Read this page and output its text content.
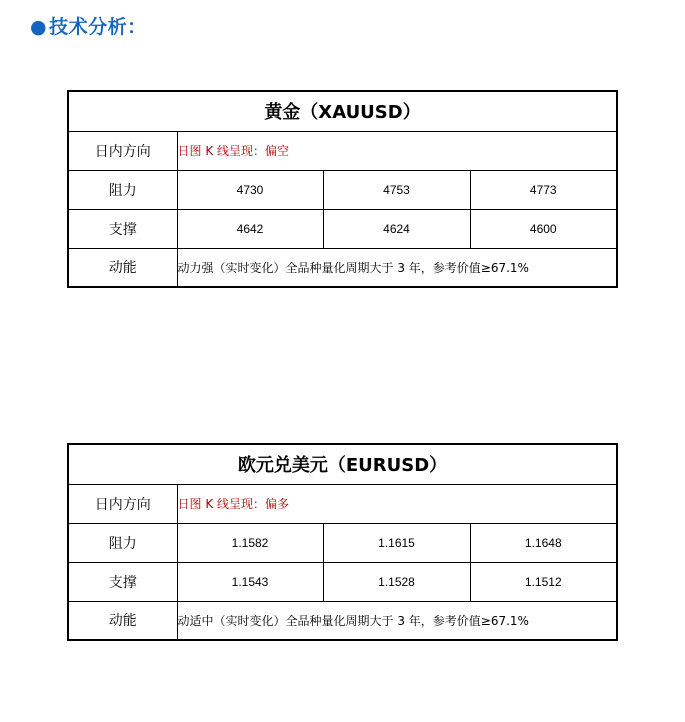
● 技术分析：
黄金（XAUUSD）			
日内方向	日图 K 线呈现：偏空		
阻力	4730	4753	4773
支撑	4642	4624	4600
动能	动力强（实时变化）全品种量化周期大于 3 年，参考价值≥67.1%		
欧元兑美元（EURUSD）			
日内方向	日图 K 线呈现：偏多		
阻力	1.1582	1.1615	1.1648
支撑	1.1543	1.1528	1.1512
动能	动适中（实时变化）全品种量化周期大于 3 年，参考价值≥67.1%		
